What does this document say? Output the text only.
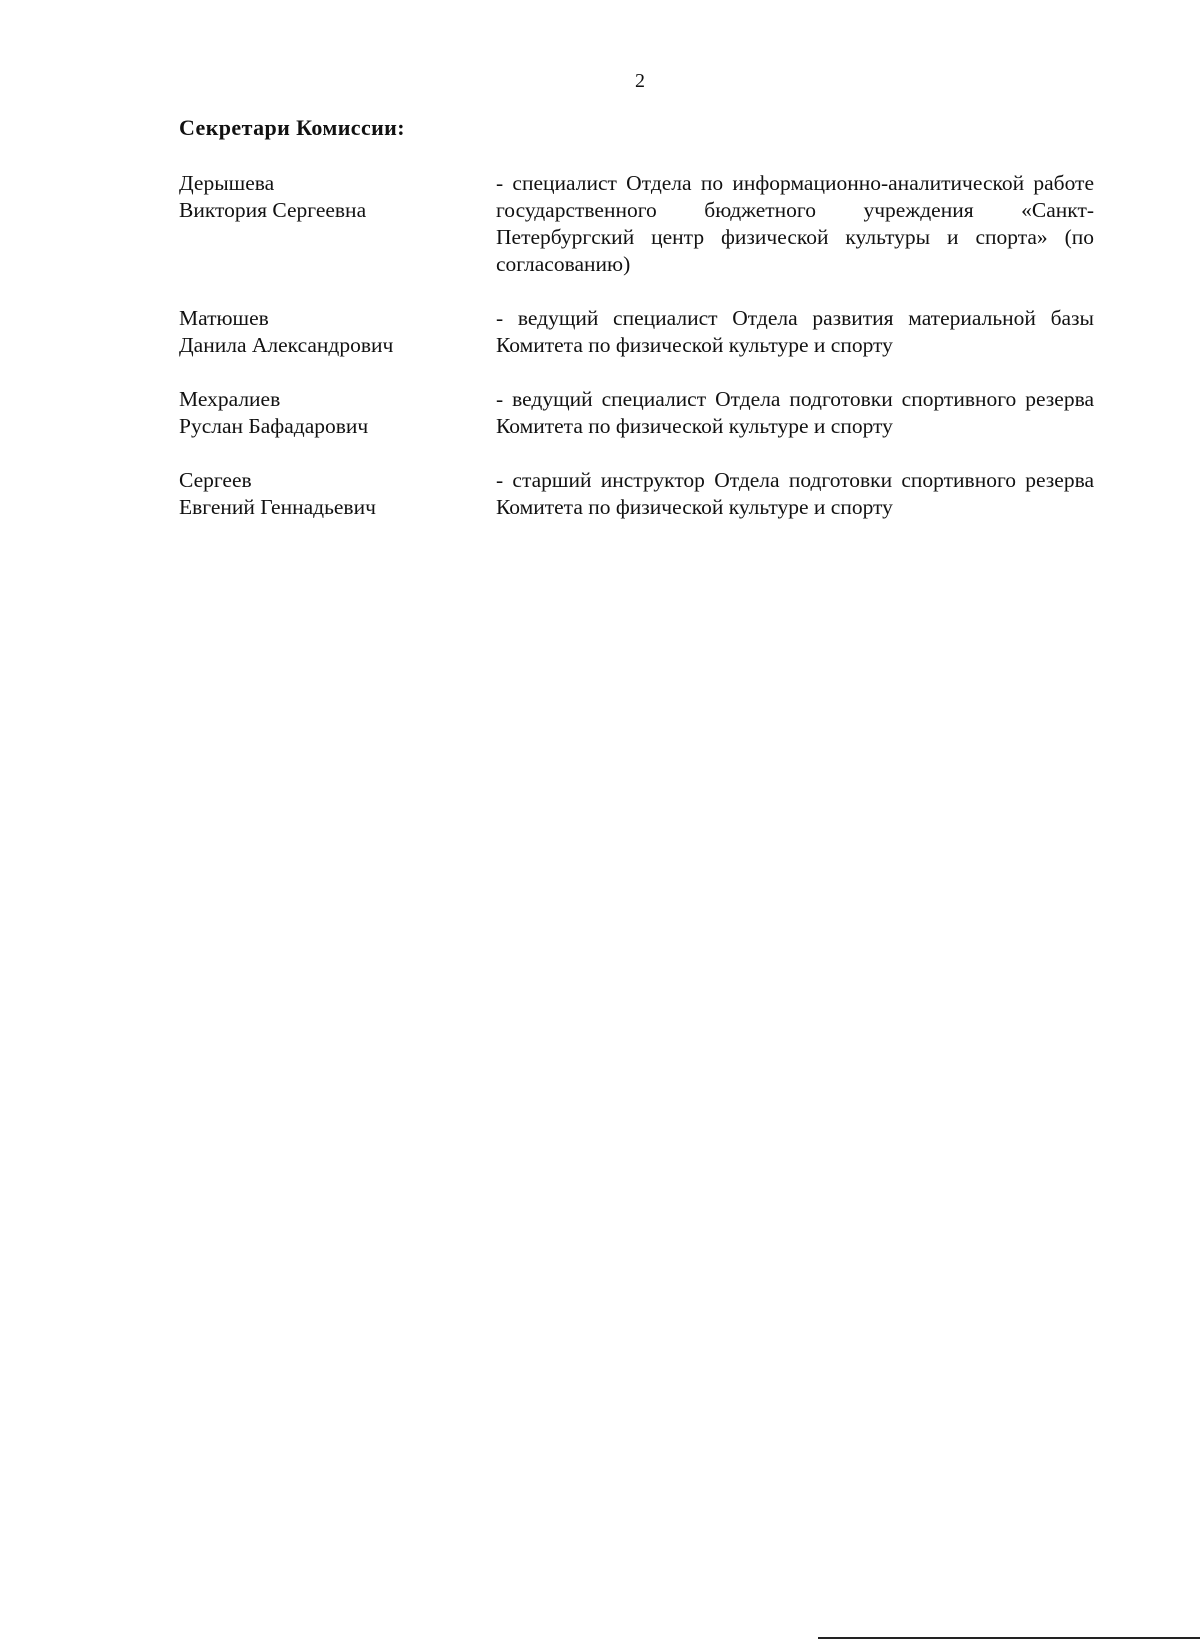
2
Секретари Комиссии:
Дерышева
Виктория Сергеевна
- специалист Отдела по информационно-аналитической работе государственного бюджетного учреждения «Санкт-Петербургский центр физической культуры и спорта» (по согласованию)
Матюшев
Данила Александрович
- ведущий специалист Отдела развития материальной базы Комитета по физической культуре и спорту
Мехралиев
Руслан Бафадарович
- ведущий специалист Отдела подготовки спортивного резерва Комитета по физической культуре и спорту
Сергеев
Евгений Геннадьевич
- старший инструктор Отдела подготовки спортивного резерва Комитета по физической культуре и спорту
